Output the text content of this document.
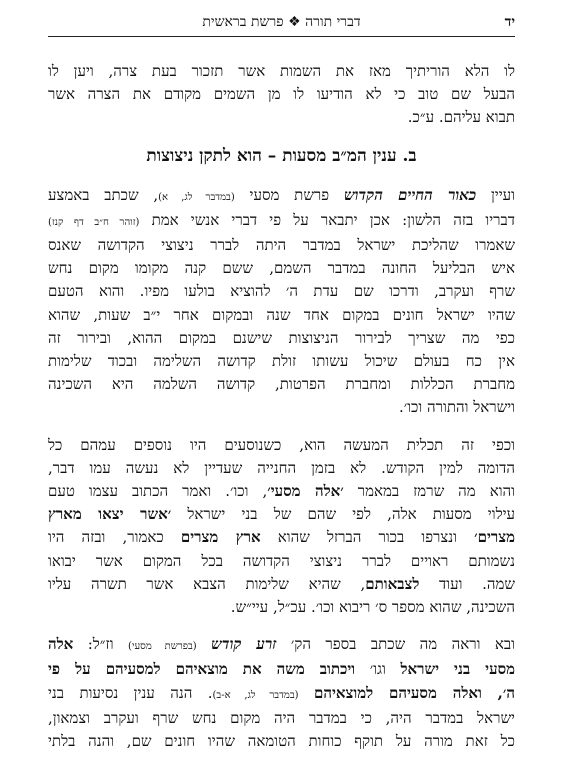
יד
דברי תורה ❖ פרשת בראשית
לו הלא הוריתיך מאז את השמות אשר תזכור בעת צרה, ויען לו
הבעל שם טוב כי לא הודיעו לו מן השמים מקודם את הצרה אשר
תבוא עליהם. ע״כ.
ב. ענין המ״ב מסעות – הוא לתקן ניצוצות
ועיין כאור החיים הקדוש פרשת מסעי (במדבר לג, א), שכתב באמצע
דבריו בזה הלשון: אכן יתבאר על פי דברי אנשי אמת (זוהר ח״ב דף קנז)
שאמרו שהליכת ישראל במדבר היתה לברר ניצוצי הקדושה שאנס
איש הבליעל החונה במדבר השמם, ששם קנה מקומו מקום נחש
שרף ועקרב, ודרכו שם עדת ה׳ להוציא בולעו מפיו. והוא הטעם
שהיו ישראל חונים במקום אחד שנה ובמקום אחר י״ב שעות, שהוא
כפי מה שצריך לבירור הניצוצות שישנם במקום ההוא, ובירור זה
אין כח בעולם שיכול עשותו זולת קדושה השלימה ובכוד שלימות
מחברת הכללות ומחברת הפרטות, קדושה השלמה היא השכינה
וישראל והתורה וכו׳.
וכפי זה תכלית המעשה הוא, כשנוסעים היו נוספים עמהם כל
הדומה למין הקודש. לא בזמן החנייה שעדיין לא נעשה עמו דבר,
והוא מה שרמז במאמר ׳אלה מסעי׳, וכו׳. ואמר הכתוב עצמו טעם
עילוי מסעות אלה, לפי שהם של בני ישראל ׳אשר יצאו מארץ
מצרים׳ ונצרפו בכור הברזל שהוא ארץ מצרים כאמור, ובזה היו
נשמותם ראויים לברר ניצוצי הקדושה בכל המקום אשר יבואו
שמה. ועוד לצבאותם, שהיא שלימות הצבא אשר תשרה עליו
השכינה, שהוא מספר ס׳ ריבוא וכו׳. עכ״ל, עיי״ש.
ובא וראה מה שכתב בספר הק׳ זרע קודש (בפרשת מסעי) וז״ל: אלה
מסעי בני ישראל וגו׳ ויכתוב משה את מוצאיהם למסעיהם על פי
ה׳, ואלה מסעיהם למוצאיהם (במדבר לג, א-ב). הנה ענין נסיעות בני
ישראל במדבר היה, כי במדבר היה מקום נחש שרף ועקרב וצמאון,
כל זאת מורה על תוקף כוחות הטומאה שהיו חונים שם, והנה בלתי
